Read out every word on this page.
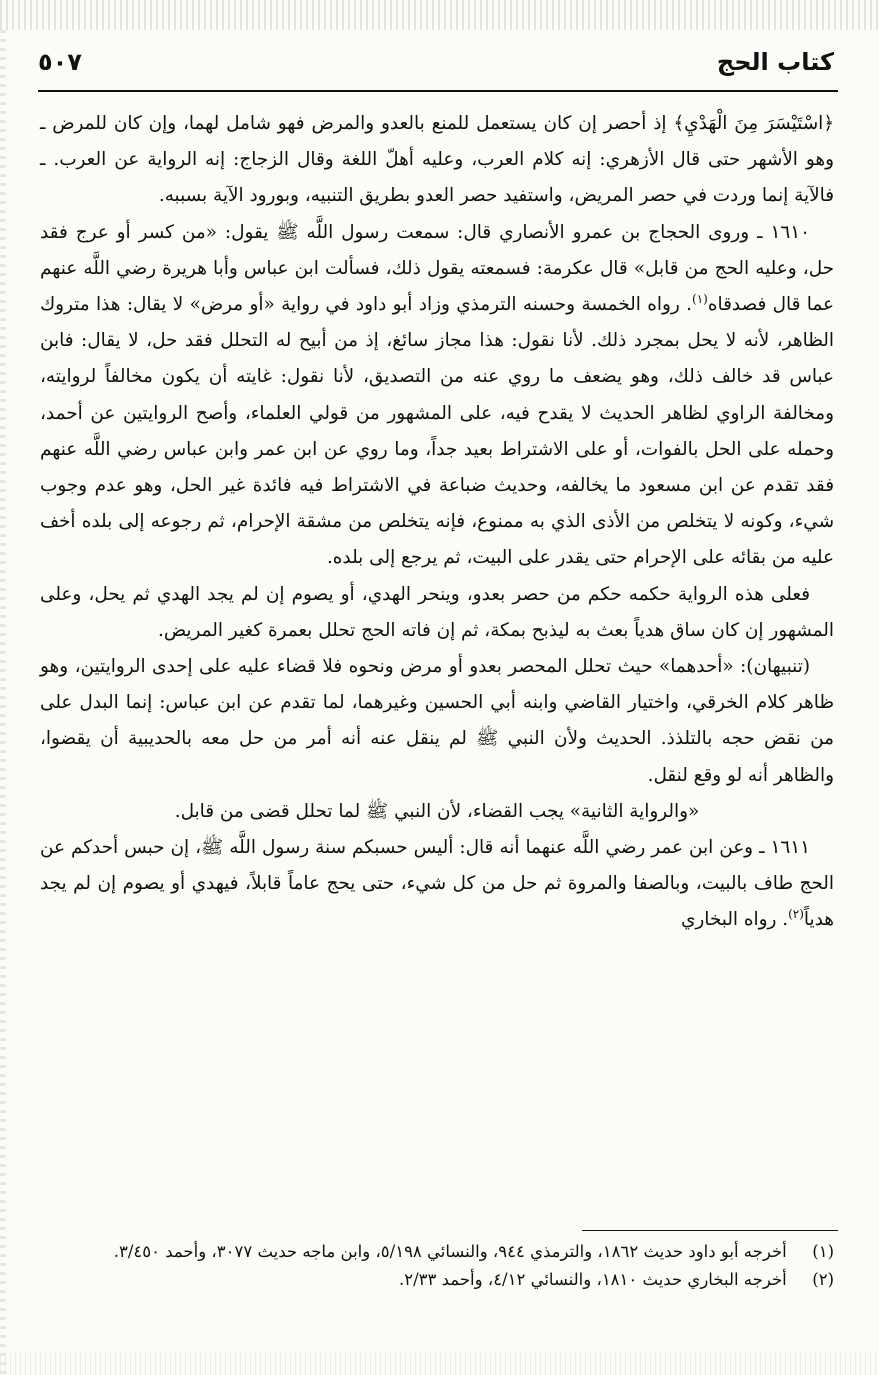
كتاب الحج
٥٠٧

﴿اسْتَيْسَرَ مِنَ الْهَدْيِ﴾ إذ أحصر إن كان يستعمل للمنع بالعدو والمرض فهو شامل لهما، وإن كان للمرض ـ وهو الأشهر حتى قال الأزهري: إنه كلام العرب، وعليه أهلّ اللغة وقال الزجاج: إنه الرواية عن العرب. ـ فالآية إنما وردت في حصر المريض، واستفيد حصر العدو بطريق التنبيه، وبورود الآية بسببه.

١٦١٠ ـ وروى الحجاج بن عمرو الأنصاري قال: سمعت رسول اللَّه ﷺ يقول: «من كسر أو عرج فقد حل، وعليه الحج من قابل» قال عكرمة: فسمعته يقول ذلك، فسألت ابن عباس وأبا هريرة رضي اللَّه عنهم عما قال فصدقاه$^{(١)}$. رواه الخمسة وحسنه الترمذي وزاد أبو داود في رواية «أو مرض» لا يقال: هذا متروك الظاهر، لأنه لا يحل بمجرد ذلك. لأنا نقول: هذا مجاز سائغ، إذ من أبيح له التحلل فقد حل، لا يقال: فابن عباس قد خالف ذلك، وهو يضعف ما روي عنه من التصديق، لأنا نقول: غايته أن يكون مخالفاً لروايته، ومخالفة الراوي لظاهر الحديث لا يقدح فيه، على المشهور من قولي العلماء، وأصح الروايتين عن أحمد، وحمله على الحل بالفوات، أو على الاشتراط بعيد جداً، وما روي عن ابن عمر وابن عباس رضي اللَّه عنهم فقد تقدم عن ابن مسعود ما يخالفه، وحديث ضباعة في الاشتراط فيه فائدة غير الحل، وهو عدم وجوب شيء، وكونه لا يتخلص من الأذى الذي به ممنوع، فإنه يتخلص من مشقة الإحرام، ثم رجوعه إلى بلده أخف عليه من بقائه على الإحرام حتى يقدر على البيت، ثم يرجع إلى بلده.

فعلى هذه الرواية حكمه حكم من حصر بعدو، وينحر الهدي، أو يصوم إن لم يجد الهدي ثم يحل، وعلى المشهور إن كان ساق هدياً بعث به ليذبح بمكة، ثم إن فاته الحج تحلل بعمرة كغير المريض.

(تنبيهان): «أحدهما» حيث تحلل المحصر بعدو أو مرض ونحوه فلا قضاء عليه على إحدى الروايتين، وهو ظاهر كلام الخرقي، واختيار القاضي وابنه أبي الحسين وغيرهما، لما تقدم عن ابن عباس: إنما البدل على من نقض حجه بالتلذذ. الحديث ولأن النبي ﷺ لم ينقل عنه أنه أمر من حل معه بالحديبية أن يقضوا، والظاهر أنه لو وقع لنقل.

«والرواية الثانية» يجب القضاء، لأن النبي ﷺ لما تحلل قضى من قابل.

١٦١١ ـ وعن ابن عمر رضي اللَّه عنهما أنه قال: أليس حسبكم سنة رسول اللَّه ﷺ، إن حبس أحدكم عن الحج طاف بالبيت، وبالصفا والمروة ثم حل من كل شيء، حتى يحج عاماً قابلاً، فيهدي أو يصوم إن لم يجد هدياً$^{(٢)}$. رواه البخاري

(١) أخرجه أبو داود حديث ١٨٦٢، والترمذي ٩٤٤، والنسائي ٥/١٩٨، وابن ماجه حديث ٣٠٧٧، وأحمد ٣/٤٥٠.

(٢) أخرجه البخاري حديث ١٨١٠، والنسائي ٤/١٢، وأحمد ٢/٣٣.
